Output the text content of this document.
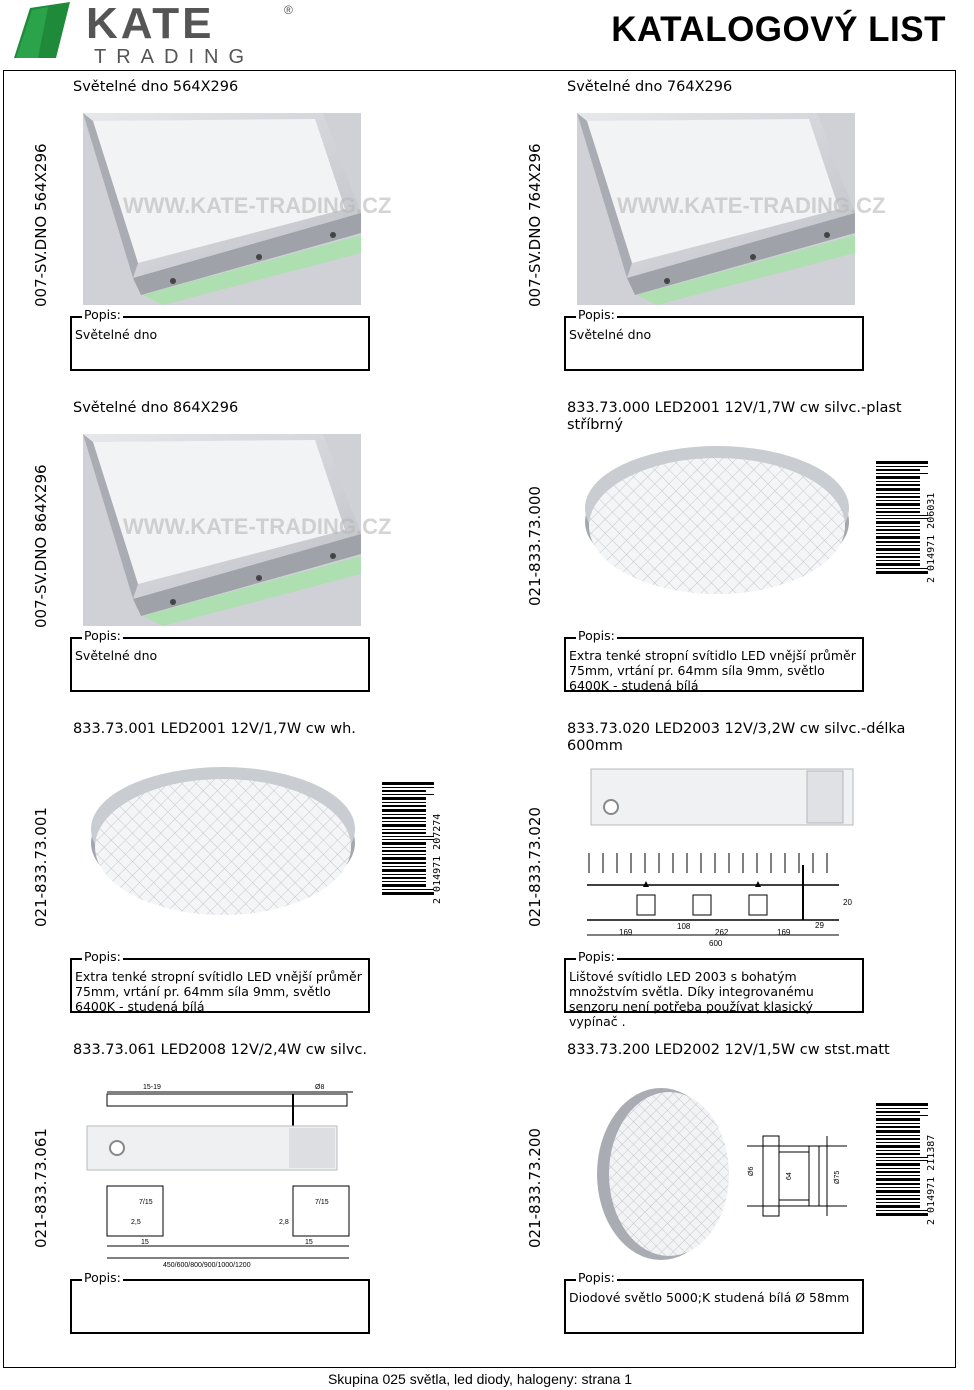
KATE	®
TRADING
KATALOGOVÝ LIST
Světelné dno 564X296
007-SV.DNO 564X296	WWW.KATE-TRADING.CZ
Popis:
Světelné dno
Světelné dno 764X296
007-SV.DNO 764X296	WWW.KATE-TRADING.CZ
Popis:
Světelné dno
Světelné dno 864X296
007-SV.DNO 864X296	WWW.KATE-TRADING.CZ
Popis:
Světelné dno
833.73.000 LED2001 12V/1,7W cw silvc.-plast stříbrný
021-833.73.000	2 014971 206031
Popis:
Extra tenké stropní svítidlo LED vnější průměr 75mm, vrtání pr. 64mm síla 9mm, světlo 6400K - studená bílá
833.73.001 LED2001 12V/1,7W cw wh.
021-833.73.001	2 014971 207274
Popis:
Extra tenké stropní svítidlo LED vnější průměr 75mm, vrtání pr. 64mm síla 9mm, světlo 6400K - studená bílá
833.73.020 LED2003 12V/3,2W cw silvc.-délka 600mm
021-833.73.020
169
108
262	169
29
600
20
Popis:
Lištové svítidlo LED 2003 s bohatým množstvím světla. Díky integrovanému senzoru není potřeba používat klasický vypínač .
833.73.061 LED2008 12V/2,4W cw silvc.
021-833.73.061
15-19	Ø8
7/15
2,5	2,8
7/15
15	15
450/600/800/900/1000/1200
Popis:
833.73.200 LED2002 12V/1,5W cw stst.matt
021-833.73.200	Ø6	Ø75
64	2 014971 211387
Popis:
Diodové světlo 5000;K studená bílá Ø 58mm
Skupina 025 světla, led diody, halogeny: strana 1
